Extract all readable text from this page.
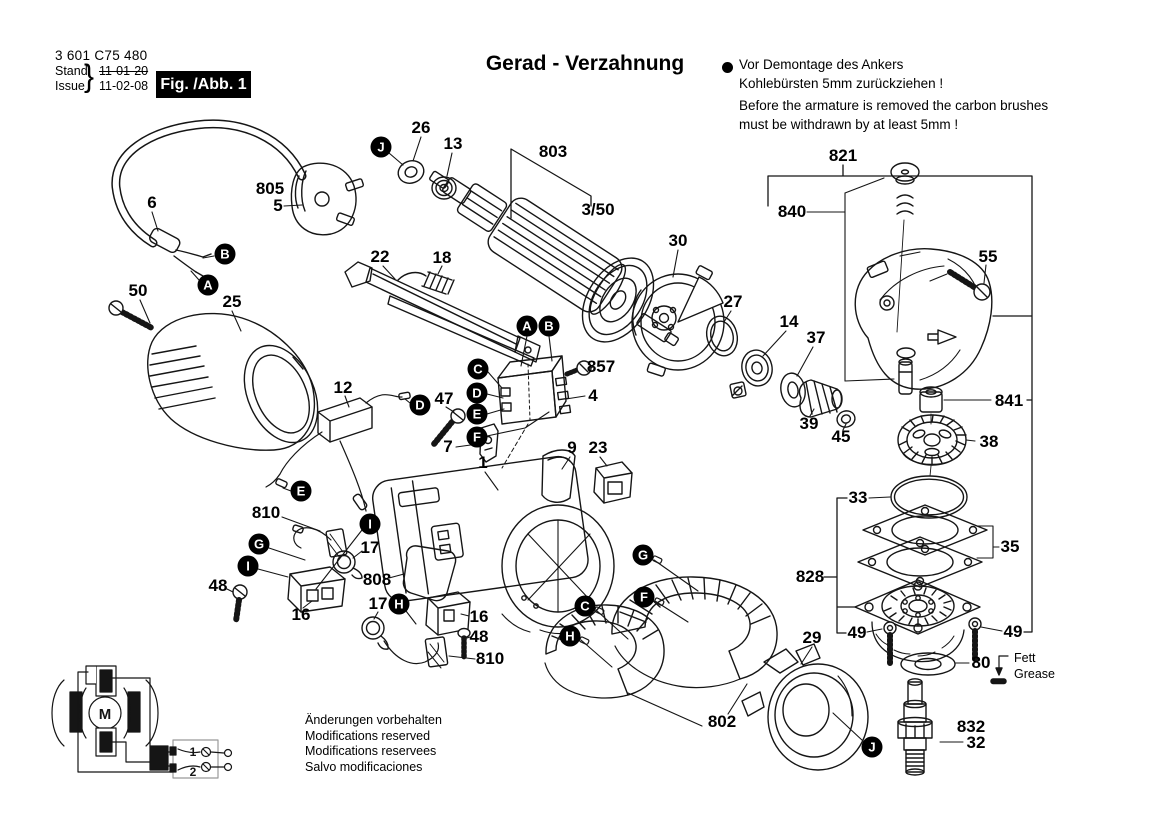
M
1
2
3 601 C75 480
Stand
Issue } 11-01-20
11-02-08 Fig. /Abb. 1
Gerad - Verzahnung	Vor Demontage des Ankers
Kohlebürsten 5mm zurückziehen !
Before the armature is removed the carbon brushes
must be withdrawn by at least 5mm !
Fett
Grease
Änderungen vorbehalten
Modifications reserved
Modifications reservees
Salvo modificaciones
26
13	803
3/50
805
5
6
30
821
840
55
22	18
27
14
37
50
25
857
4	841
12
47
39
45	38
7	9 23
1
33
35
810
17
828
48
16
808
17
16
48
810
802
29 49	49
80
832
32
J
B
A
A B
C
D
E
F
D
E
I
G
I
H
G
F
C
H
J
